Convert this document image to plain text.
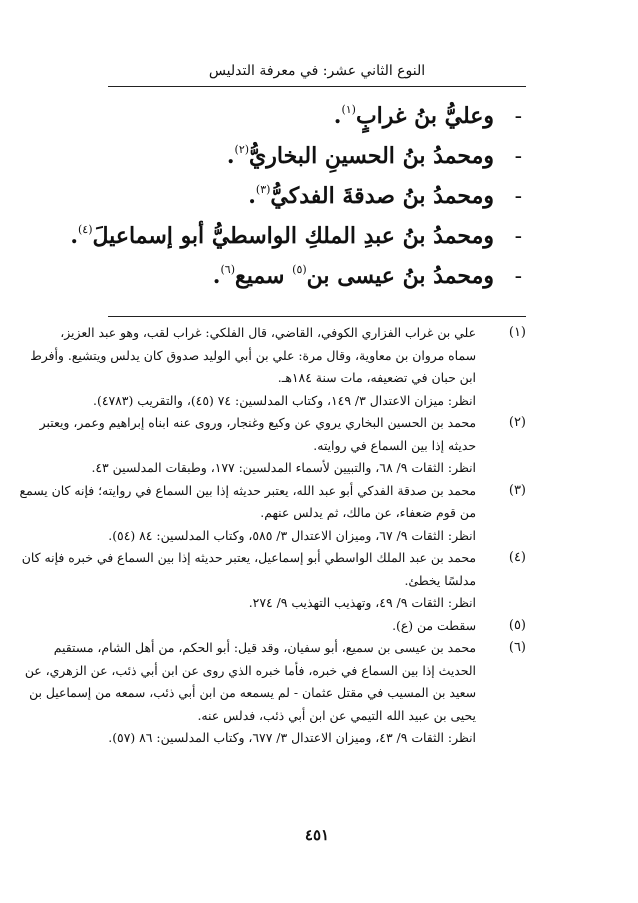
النوع الثاني عشر: في معرفة التدليس
-وعليُّ بنُ غرابٍ$^{(١)}$.
-ومحمدُ بنُ الحسينِ البخاريُّ$^{(٢)}$.
-ومحمدُ بنُ صدقةَ الفدكيُّ$^{(٣)}$.
-ومحمدُ بنُ عبدِ الملكِ الواسطيُّ أبو إسماعيلَ$^{(٤)}$.
-ومحمدُ بنُ عيسى بن$^{(٥)}$ سميع$^{(٦)}$.
(١)
علي بن غراب الفزاري الكوفي، القاضي، قال الفلكي: غراب لقب، وهو عبد العزيز،
سماه مروان بن معاوية، وقال مرة: علي بن أبي الوليد صدوق كان يدلس ويتشيع. وأفرط
ابن حبان في تضعيفه، مات سنة ١٨٤هـ.
انظر: ميزان الاعتدال ٣/ ١٤٩، وكتاب المدلسين: ٧٤ (٤٥)، والتقريب (٤٧٨٣).
(٢)
محمد بن الحسين البخاري يروي عن وكيع وغنجار، وروى عنه ابناه إبراهيم وعمر، ويعتبر
حديثه إذا بين السماع في روايته.
انظر: الثقات ٩/ ٦٨، والتبيين لأسماء المدلسين: ١٧٧، وطبقات المدلسين ٤٣.
(٣)
محمد بن صدقة الفدكي أبو عبد الله، يعتبر حديثه إذا بين السماع في روايته؛ فإنه كان يسمع
من قوم ضعفاء، عن مالك، ثم يدلس عنهم.
انظر: الثقات ٩/ ٦٧، وميزان الاعتدال ٣/ ٥٨٥، وكتاب المدلسين: ٨٤ (٥٤).
(٤)
محمد بن عبد الملك الواسطي أبو إسماعيل، يعتبر حديثه إذا بين السماع في خبره فإنه كان
مدلسًا يخطئ.
انظر: الثقات ٩/ ٤٩، وتهذيب التهذيب ٩/ ٢٧٤.
(٥)
سقطت من (ع).
(٦)
محمد بن عيسى بن سميع، أبو سفيان، وقد قيل: أبو الحكم، من أهل الشام، مستقيم
الحديث إذا بين السماع في خبره، فأما خبره الذي روى عن ابن أبي ذئب، عن الزهري، عن
سعيد بن المسيب في مقتل عثمان - لم يسمعه من ابن أبي ذئب، سمعه من إسماعيل بن
يحيى بن عبيد الله التيمي عن ابن أبي ذئب، فدلس عنه.
انظر: الثقات ٩/ ٤٣، وميزان الاعتدال ٣/ ٦٧٧، وكتاب المدلسين: ٨٦ (٥٧).
٤٥١
